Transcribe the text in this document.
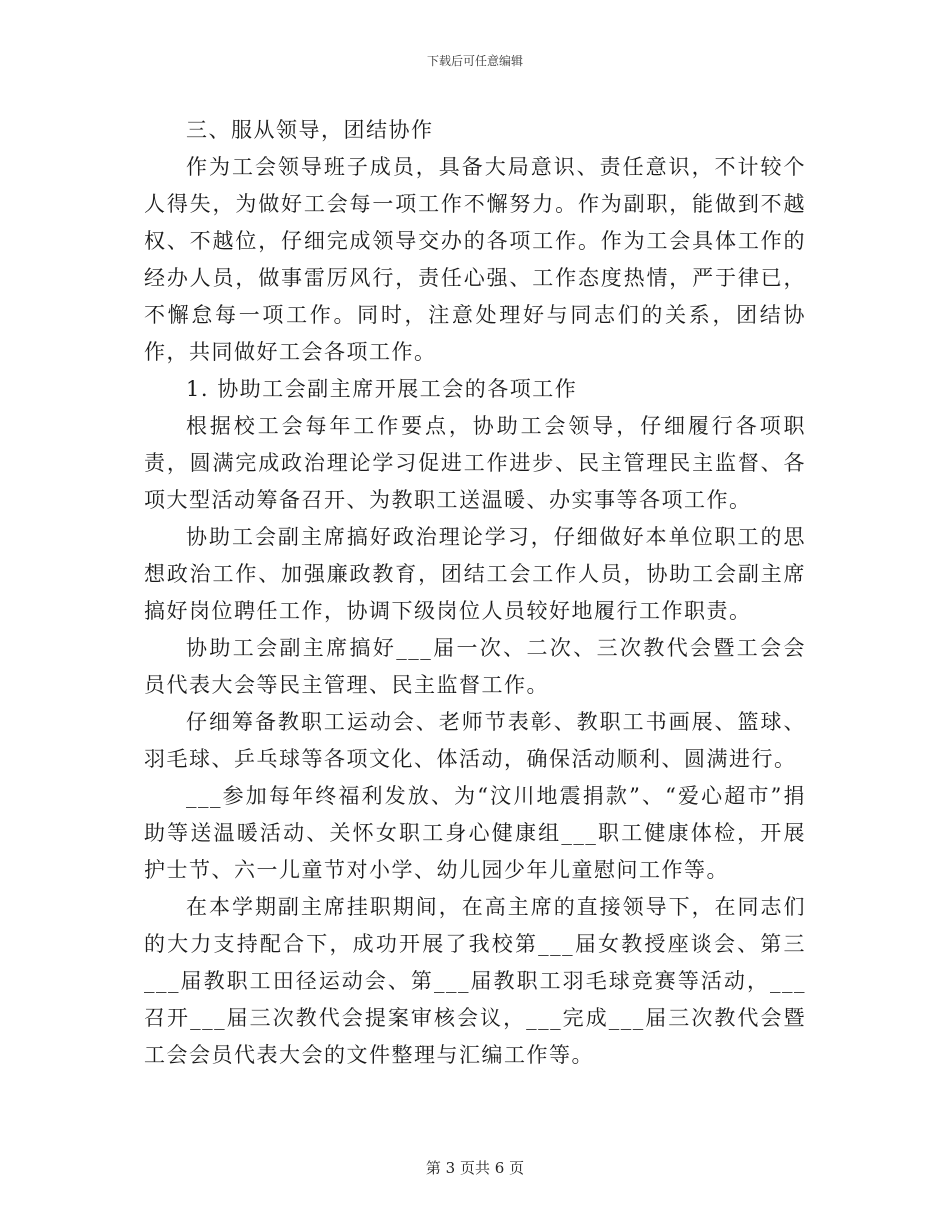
下载后可任意编辑

三、服从领导，团结协作

作为工会领导班子成员，具备大局意识、责任意识，不计较个人得失，为做好工会每一项工作不懈努力。作为副职，能做到不越权、不越位，仔细完成领导交办的各项工作。作为工会具体工作的经办人员，做事雷厉风行，责任心强、工作态度热情，严于律已，不懈怠每一项工作。同时，注意处理好与同志们的关系，团结协作，共同做好工会各项工作。

1. 协助工会副主席开展工会的各项工作

根据校工会每年工作要点，协助工会领导，仔细履行各项职责，圆满完成政治理论学习促进工作进步、民主管理民主监督、各项大型活动筹备召开、为教职工送温暖、办实事等各项工作。

协助工会副主席搞好政治理论学习，仔细做好本单位职工的思想政治工作、加强廉政教育，团结工会工作人员，协助工会副主席搞好岗位聘任工作，协调下级岗位人员较好地履行工作职责。

协助工会副主席搞好___届一次、二次、三次教代会暨工会会员代表大会等民主管理、民主监督工作。

仔细筹备教职工运动会、老师节表彰、教职工书画展、篮球、羽毛球、乒乓球等各项文化、体活动，确保活动顺利、圆满进行。

___参加每年终福利发放、为“汶川地震捐款”、“爱心超市”捐助等送温暖活动、关怀女职工身心健康组___职工健康体检，开展护士节、六一儿童节对小学、幼儿园少年儿童慰问工作等。

在本学期副主席挂职期间，在高主席的直接领导下，在同志们的大力支持配合下，成功开展了我校第___届女教授座谈会、第三___届教职工田径运动会、第___届教职工羽毛球竞赛等活动，___召开___届三次教代会提案审核会议，___完成___届三次教代会暨工会会员代表大会的文件整理与汇编工作等。

第 3 页共 6 页
